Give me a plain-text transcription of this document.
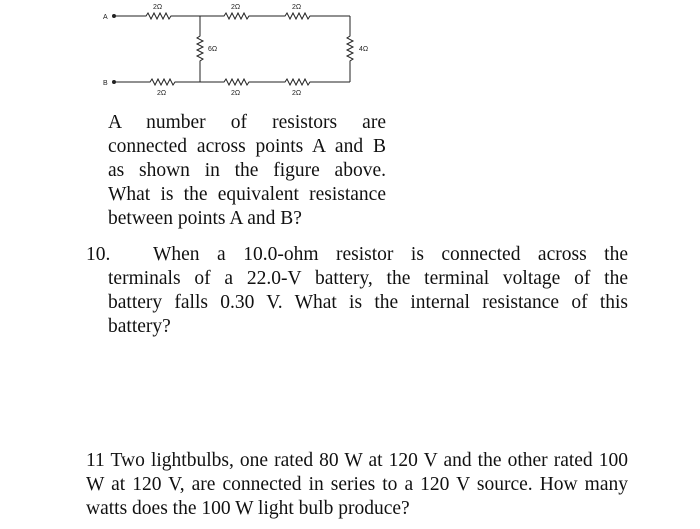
A
B
2Ω	2Ω	2Ω
6Ω	4Ω
2Ω	2Ω	2Ω
A number of resistors are
connected across points A and B
as shown in the figure above.
What is the equivalent resistance
between points A and B?
10.	When a 10.0-ohm resistor is connected across the
terminals of a 22.0-V battery, the terminal voltage of the
battery falls 0.30 V. What is the internal resistance of this
battery?
11 Two lightbulbs, one rated 80 W at 120 V and the other rated 100
W at 120 V, are connected in series to a 120 V source. How many
watts does the 100 W light bulb produce?
